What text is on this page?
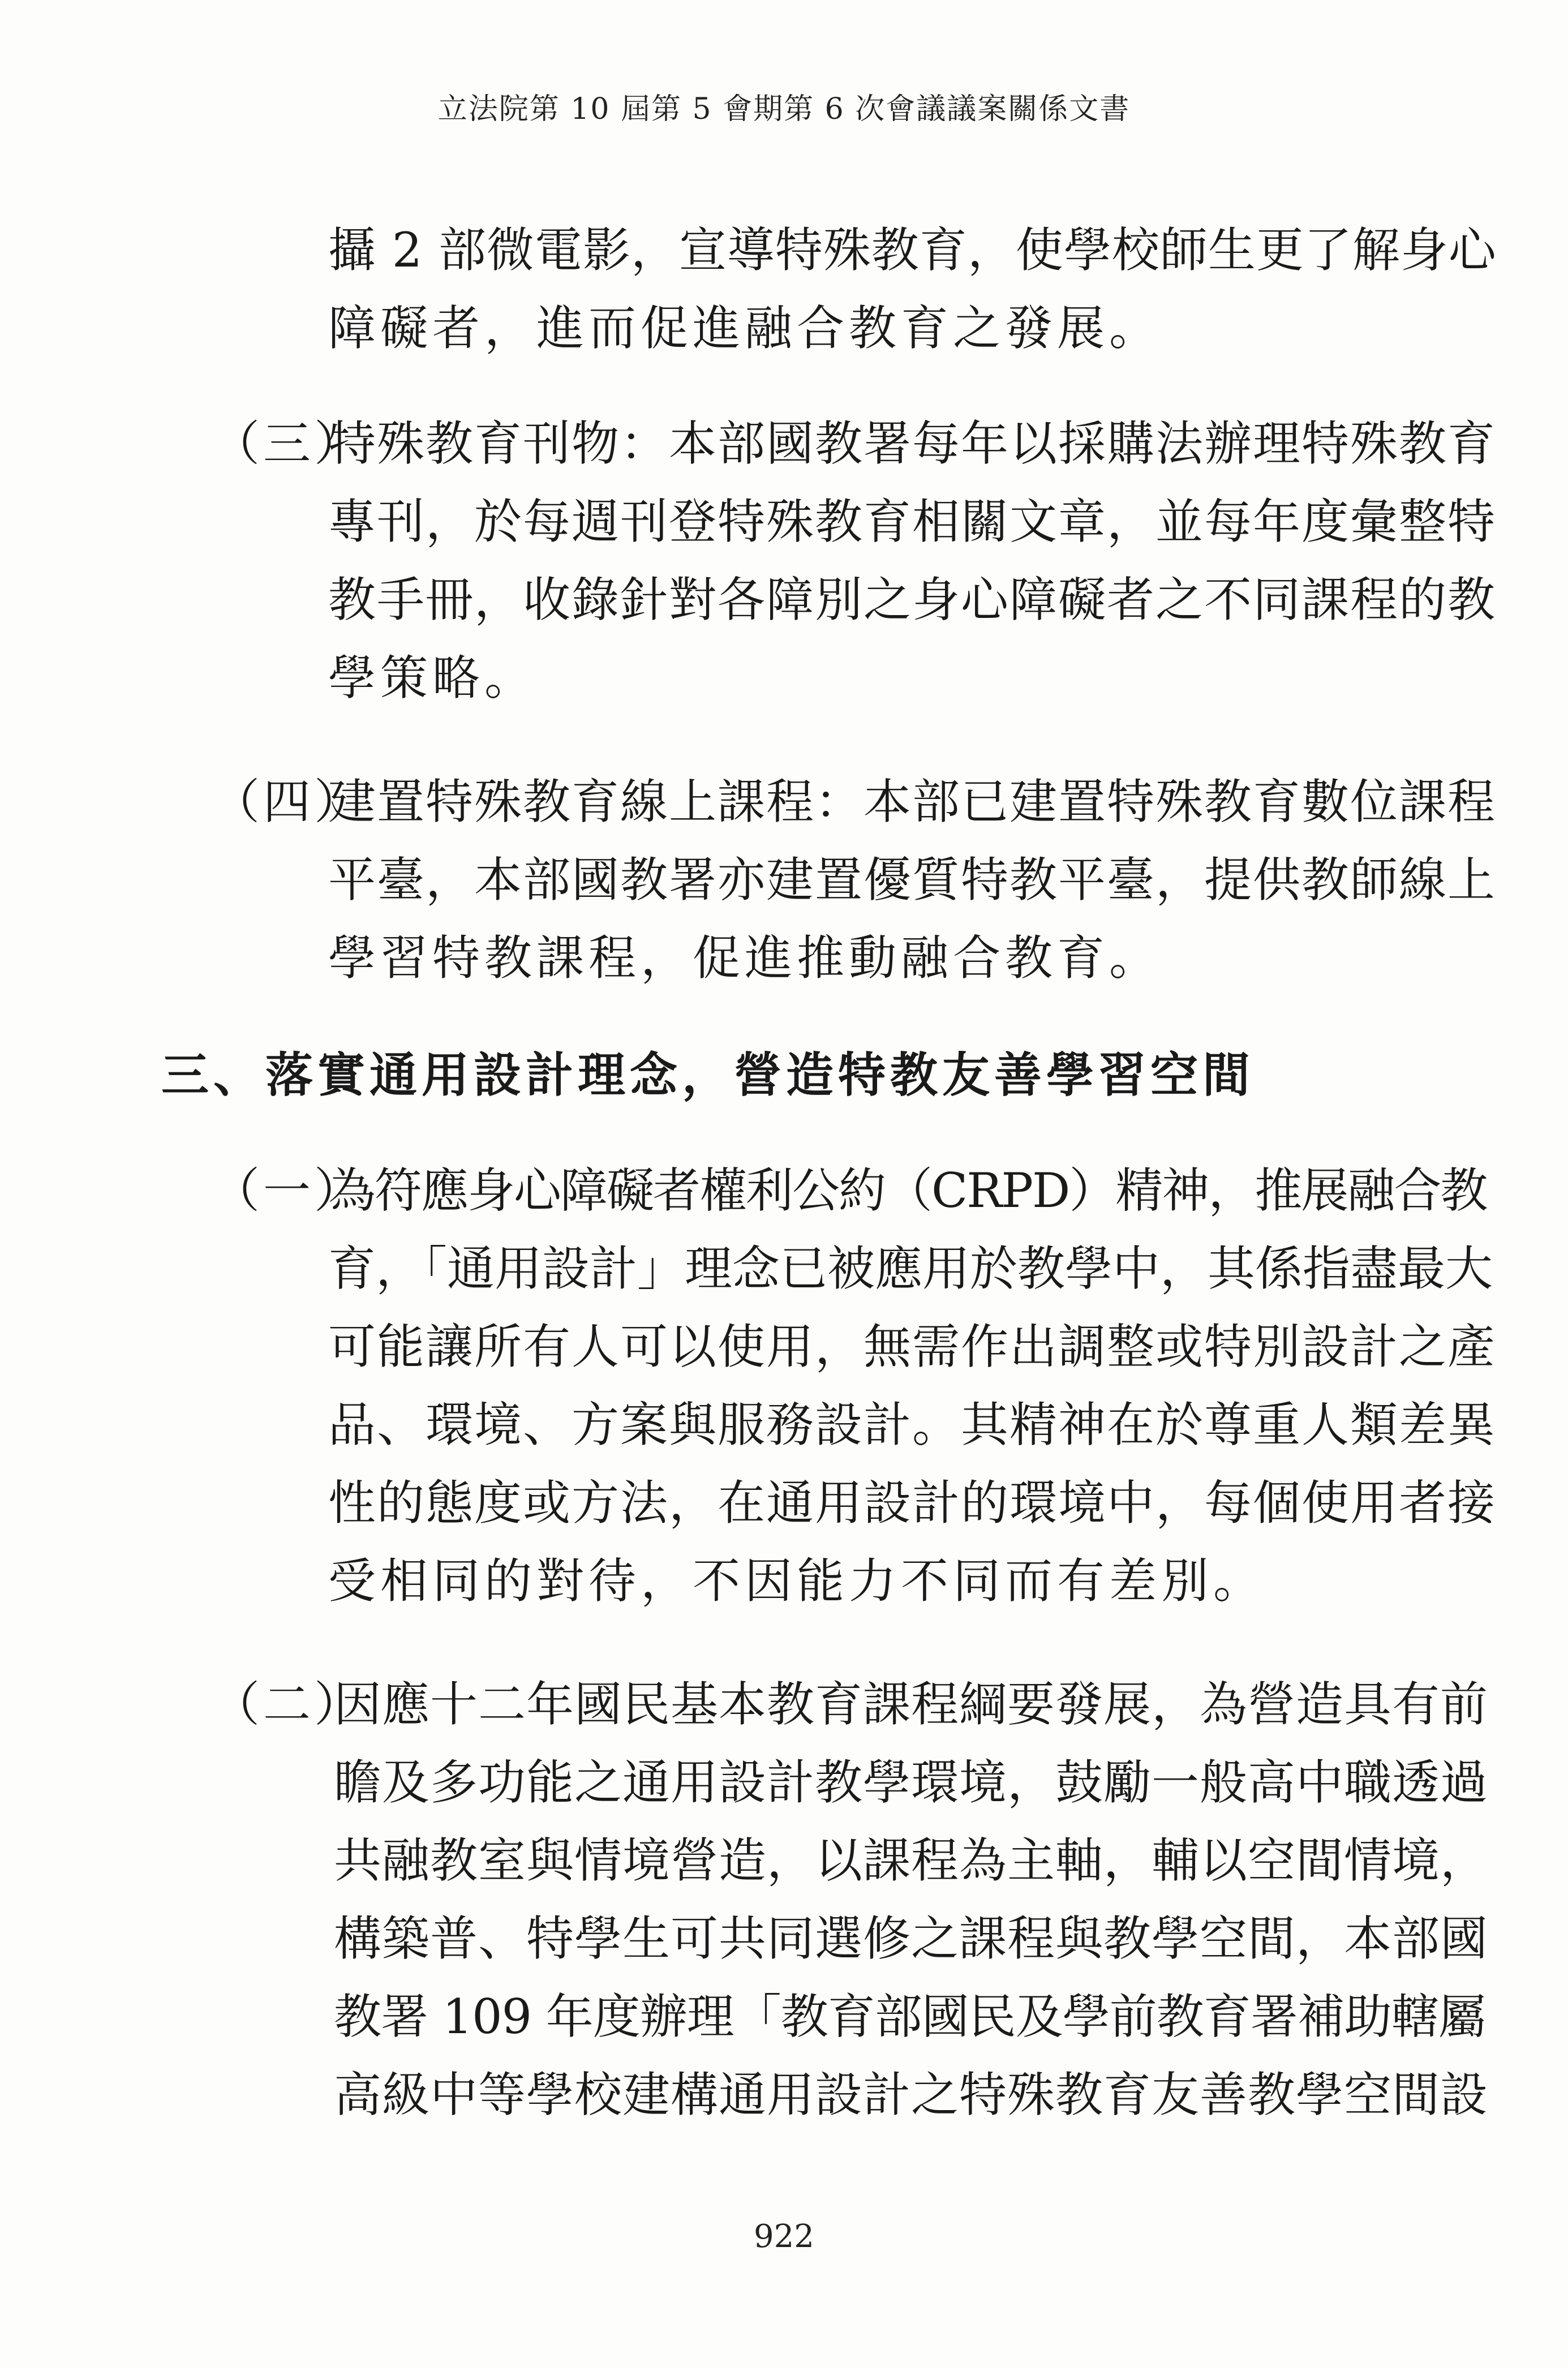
立法院第 10 屆第 5 會期第 6 次會議議案關係文書
攝 2 部微電影，宣導特殊教育，使學校師生更了解身心
障礙者，進而促進融合教育之發展。
（三）
特殊教育刊物：本部國教署每年以採購法辦理特殊教育
專刊，於每週刊登特殊教育相關文章，並每年度彙整特
教手冊，收錄針對各障別之身心障礙者之不同課程的教
學策略。
（四）
建置特殊教育線上課程：本部已建置特殊教育數位課程
平臺，本部國教署亦建置優質特教平臺，提供教師線上
學習特教課程，促進推動融合教育。
三、落實通用設計理念，營造特教友善學習空間
（一）
為符應身心障礙者權利公約（CRPD）精神，推展融合教
育，「通用設計」理念已被應用於教學中，其係指盡最大
可能讓所有人可以使用，無需作出調整或特別設計之產
品、環境、方案與服務設計。其精神在於尊重人類差異
性的態度或方法，在通用設計的環境中，每個使用者接
受相同的對待，不因能力不同而有差別。
（二）
因應十二年國民基本教育課程綱要發展，為營造具有前
瞻及多功能之通用設計教學環境，鼓勵一般高中職透過
共融教室與情境營造，以課程為主軸，輔以空間情境，
構築普、特學生可共同選修之課程與教學空間，本部國
教署 109 年度辦理「教育部國民及學前教育署補助轄屬
高級中等學校建構通用設計之特殊教育友善教學空間設
922
